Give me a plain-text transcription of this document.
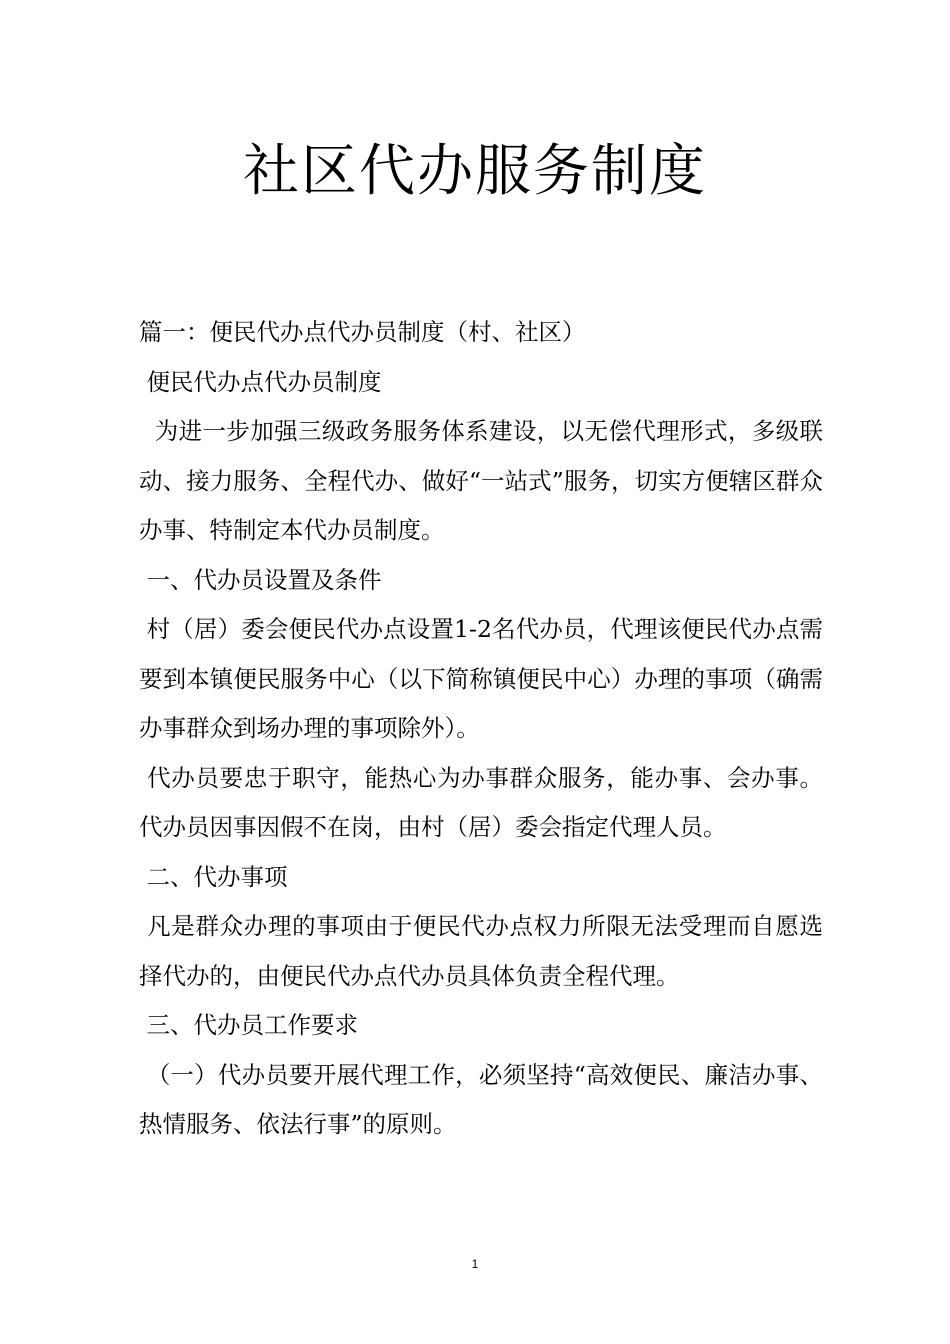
社区代办服务制度

篇一：便民代办点代办员制度（村、社区）

便民代办点代办员制度

为进一步加强三级政务服务体系建设，以无偿代理形式，多级联动、接力服务、全程代办、做好“一站式”服务，切实方便辖区群众办事、特制定本代办员制度。

一、代办员设置及条件

村（居）委会便民代办点设置1-2名代办员，代理该便民代办点需要到本镇便民服务中心（以下简称镇便民中心）办理的事项（确需办事群众到场办理的事项除外）。

代办员要忠于职守，能热心为办事群众服务，能办事、会办事。代办员因事因假不在岗，由村（居）委会指定代理人员。

二、代办事项

凡是群众办理的事项由于便民代办点权力所限无法受理而自愿选择代办的，由便民代办点代办员具体负责全程代理。

三、代办员工作要求

（一）代办员要开展代理工作，必须坚持“高效便民、廉洁办事、热情服务、依法行事”的原则。

1
